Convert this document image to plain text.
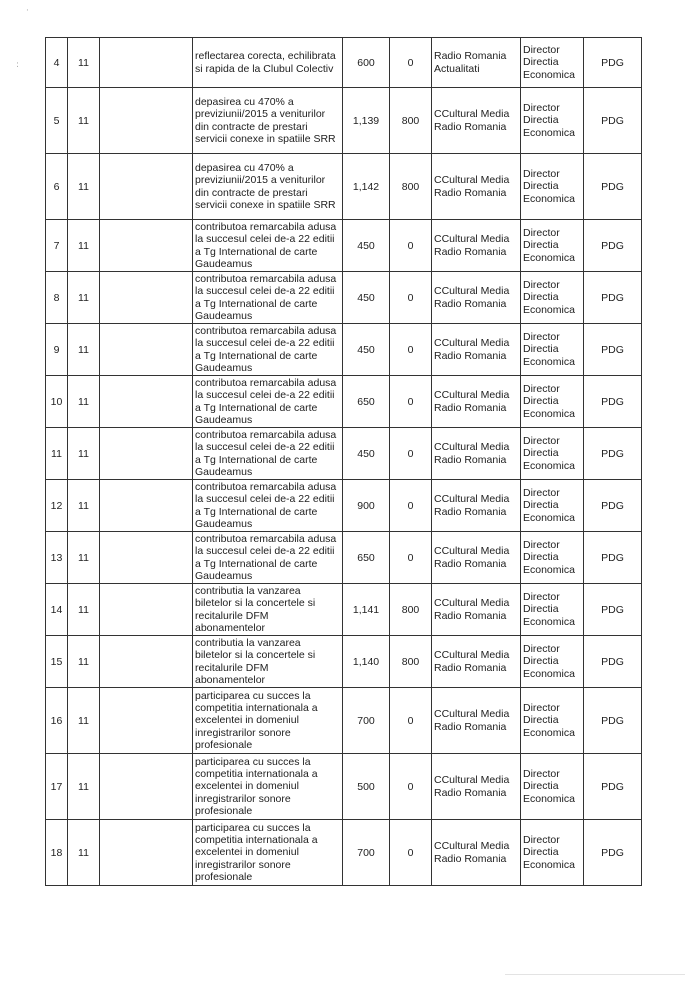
·
:	4	11		reflectarea corecta, echilibrata si rapida de la Clubul Colectiv	600	0	Radio Romania Actualitati	Director Directia Economica	PDG
5	11		depasirea cu 470% a previziunii/2015 a veniturilor din contracte de prestari servicii conexe in spatiile SRR	1,139	800	CCultural Media Radio Romania	Director Directia Economica	PDG
6	11		depasirea cu 470% a previziunii/2015 a veniturilor din contracte de prestari servicii conexe in spatiile SRR	1,142	800	CCultural Media Radio Romania	Director Directia Economica	PDG
7	11		contributoa remarcabila adusa la succesul celei de-a 22 editii a Tg International de carte Gaudeamus	450	0	CCultural Media Radio Romania	Director Directia Economica	PDG
8	11		contributoa remarcabila adusa la succesul celei de-a 22 editii a Tg International de carte Gaudeamus	450	0	CCultural Media Radio Romania	Director Directia Economica	PDG
9	11		contributoa remarcabila adusa la succesul celei de-a 22 editii a Tg International de carte Gaudeamus	450	0	CCultural Media Radio Romania	Director Directia Economica	PDG
10	11		contributoa remarcabila adusa la succesul celei de-a 22 editii a Tg International de carte Gaudeamus	650	0	CCultural Media Radio Romania	Director Directia Economica	PDG
11	11		contributoa remarcabila adusa la succesul celei de-a 22 editii a Tg International de carte Gaudeamus	450	0	CCultural Media Radio Romania	Director Directia Economica	PDG
12	11		contributoa remarcabila adusa la succesul celei de-a 22 editii a Tg International de carte Gaudeamus	900	0	CCultural Media Radio Romania	Director Directia Economica	PDG
13	11		contributoa remarcabila adusa la succesul celei de-a 22 editii a Tg International de carte Gaudeamus	650	0	CCultural Media Radio Romania	Director Directia Economica	PDG
14	11		contributia la vanzarea biletelor si la concertele si recitalurile DFM abonamentelor	1,141	800	CCultural Media Radio Romania	Director Directia Economica	PDG
15	11		contributia la vanzarea biletelor si la concertele si recitalurile DFM abonamentelor	1,140	800	CCultural Media Radio Romania	Director Directia Economica	PDG
16	11		participarea cu succes la competitia internationala a excelentei in domeniul inregistrarilor sonore profesionale	700	0	CCultural Media Radio Romania	Director Directia Economica	PDG
17	11		participarea cu succes la competitia internationala a excelentei in domeniul inregistrarilor sonore profesionale	500	0	CCultural Media Radio Romania	Director Directia Economica	PDG
18	11		participarea cu succes la competitia internationala a excelentei in domeniul inregistrarilor sonore profesionale	700	0	CCultural Media Radio Romania	Director Directia Economica	PDG
